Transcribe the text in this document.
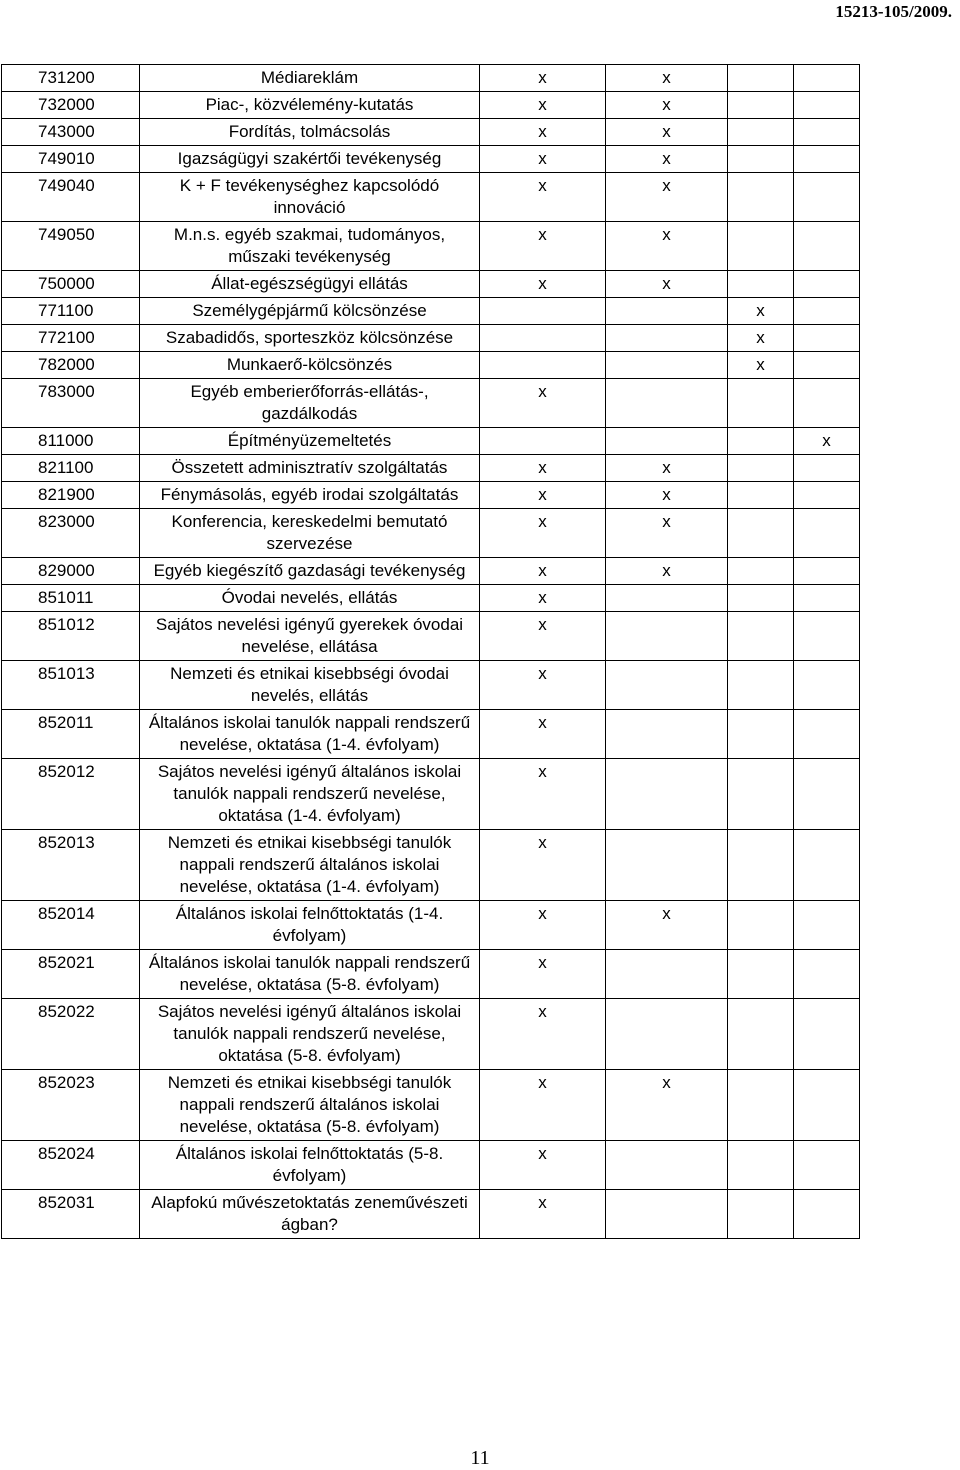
15213-105/2009.
731200	Médiareklám	x	x		
732000	Piac-, közvélemény-kutatás	x	x		
743000	Fordítás, tolmácsolás	x	x		
749010	Igazságügyi szakértői tevékenység	x	x		
749040	K + F tevékenységhez kapcsolódó innováció	x	x		
749050	M.n.s. egyéb szakmai, tudományos, műszaki tevékenység	x	x		
750000	Állat-egészségügyi ellátás	x	x		
771100	Személygépjármű kölcsönzése			x	
772100	Szabadidős, sporteszköz kölcsönzése			x	
782000	Munkaerő-kölcsönzés			x	
783000	Egyéb emberierőforrás-ellátás-, gazdálkodás	x			
811000	Építményüzemeltetés				x
821100	Összetett adminisztratív szolgáltatás	x	x		
821900	Fénymásolás, egyéb irodai szolgáltatás	x	x		
823000	Konferencia, kereskedelmi bemutató szervezése	x	x		
829000	Egyéb kiegészítő gazdasági tevékenység	x	x		
851011	Óvodai nevelés, ellátás	x			
851012	Sajátos nevelési igényű gyerekek óvodai nevelése, ellátása	x			
851013	Nemzeti és etnikai kisebbségi óvodai nevelés, ellátás	x			
852011	Általános iskolai tanulók nappali rendszerű nevelése, oktatása (1-4. évfolyam)	x			
852012	Sajátos nevelési igényű általános iskolai tanulók nappali rendszerű nevelése, oktatása (1-4. évfolyam)	x			
852013	Nemzeti és etnikai kisebbségi tanulók nappali rendszerű általános iskolai nevelése, oktatása (1-4. évfolyam)	x			
852014	Általános iskolai felnőttoktatás (1-4. évfolyam)	x	x		
852021	Általános iskolai tanulók nappali rendszerű nevelése, oktatása (5-8. évfolyam)	x			
852022	Sajátos nevelési igényű általános iskolai tanulók nappali rendszerű nevelése, oktatása (5-8. évfolyam)	x			
852023	Nemzeti és etnikai kisebbségi tanulók nappali rendszerű általános iskolai nevelése, oktatása (5-8. évfolyam)	x	x		
852024	Általános iskolai felnőttoktatás (5-8. évfolyam)	x			
852031	Alapfokú művészetoktatás zeneművészeti ágban?	x			
11
